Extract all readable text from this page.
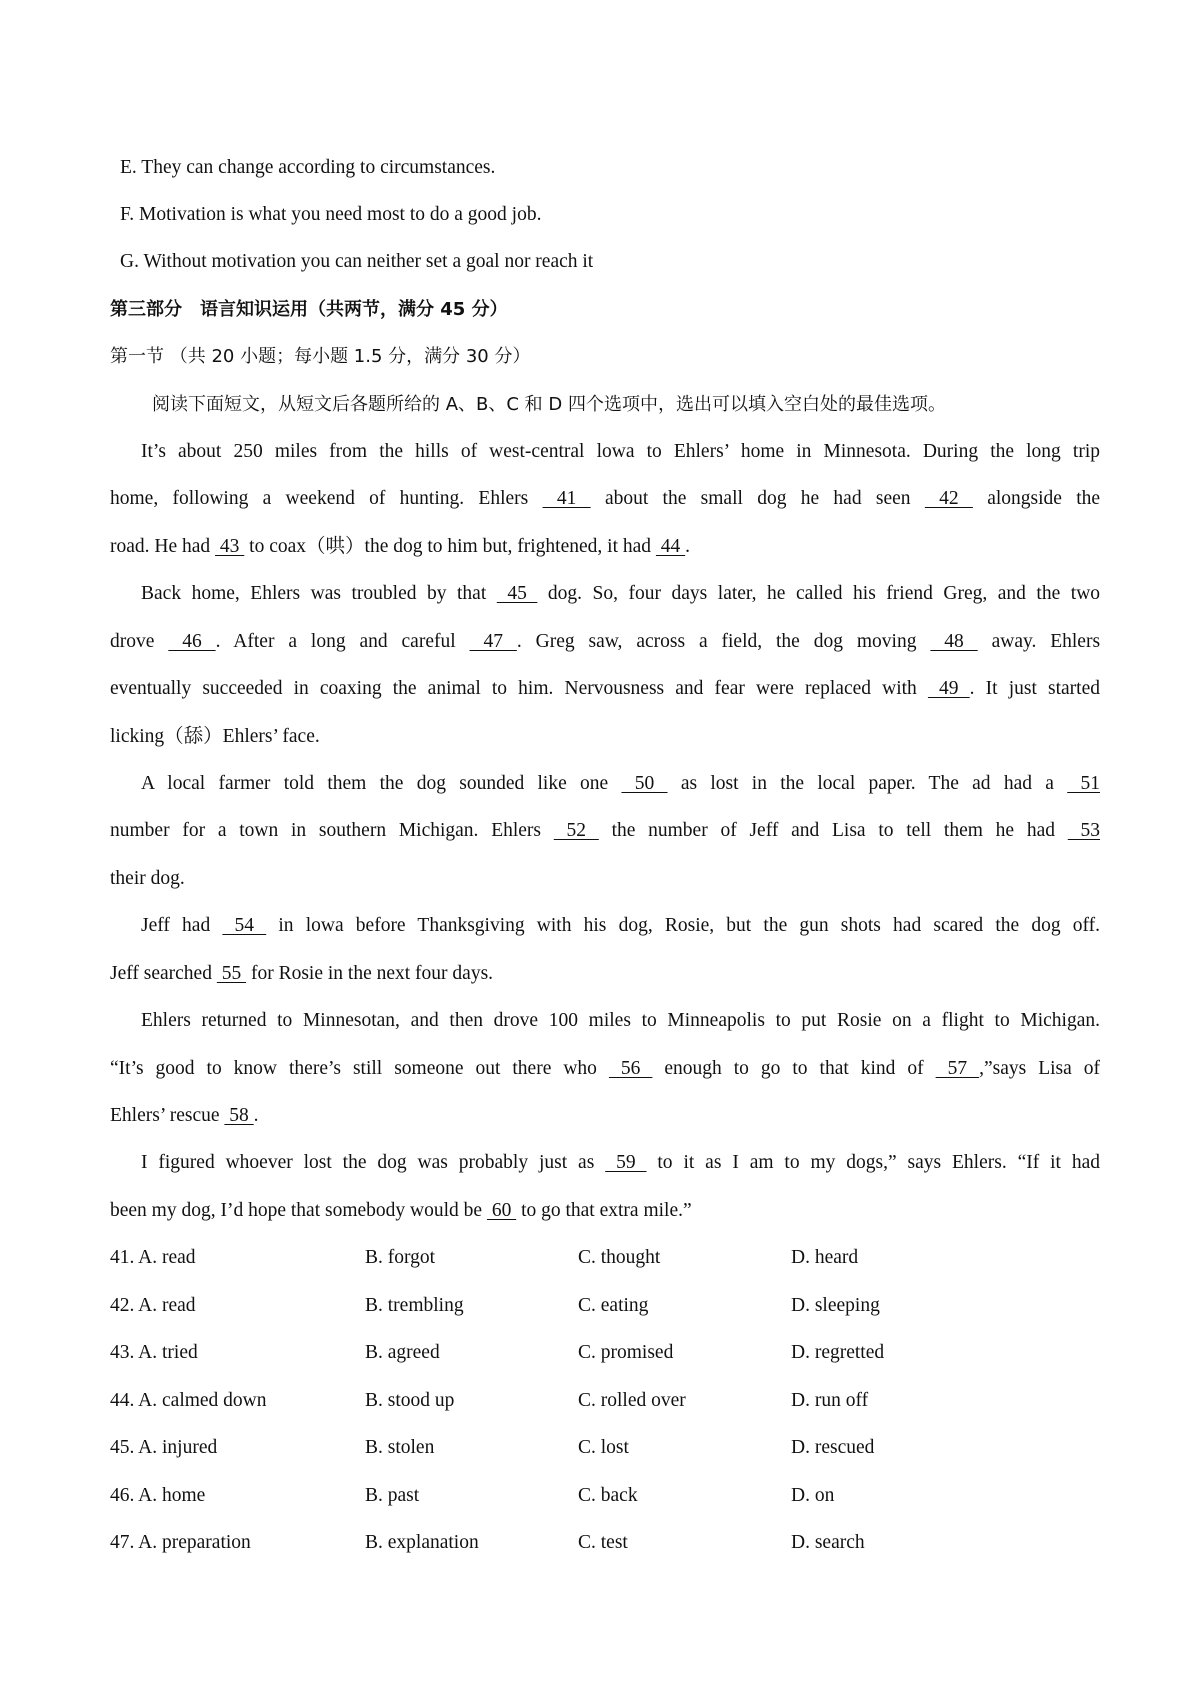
E. They can change according to circumstances.
F. Motivation is what you need most to do a good job.
G. Without motivation you can neither set a goal nor reach it
第三部分　语言知识运用（共两节，满分 45 分）
第一节 （共 20 小题；每小题 1.5 分，满分 30 分）
阅读下面短文，从短文后各题所给的 A、B、C 和 D 四个选项中，选出可以填入空白处的最佳选项。
It’s about 250 miles from the hills of west-central lowa to Ehlers’ home in Minnesota. During the long trip
home, following a weekend of hunting. Ehlers  41  about the small dog he had seen  42  alongside the
road. He had  43  to coax（哄）the dog to him but, frightened, it had  44 .
Back home, Ehlers was troubled by that  45  dog. So, four days later, he called his friend Greg, and the two
drove  46 . After a long and careful  47 . Greg saw, across a field, the dog moving  48  away. Ehlers
eventually succeeded in coaxing the animal to him. Nervousness and fear were replaced with  49 . It just started
licking（舔）Ehlers’ face.
A local farmer told them the dog sounded like one  50  as lost in the local paper. The ad had a  51
number for a town in southern Michigan. Ehlers  52  the number of Jeff and Lisa to tell them he had  53
their dog.
Jeff had  54  in lowa before Thanksgiving with his dog, Rosie, but the gun shots had scared the dog off.
Jeff searched  55  for Rosie in the next four days.
Ehlers returned to Minnesotan, and then drove 100 miles to Minneapolis to put Rosie on a flight to Michigan.
“It’s good to know there’s still someone out there who  56  enough to go to that kind of  57 ,”says Lisa of
Ehlers’ rescue  58 .
I figured whoever lost the dog was probably just as  59  to it as I am to my dogs,” says Ehlers. “If it had
been my dog, I’d hope that somebody would be  60  to go that extra mile.”
41. A. read	B. forgot	C. thought	D. heard
42. A. read	B. trembling	C. eating	D. sleeping
43. A. tried	B. agreed	C. promised	D. regretted
44. A. calmed down	B. stood up	C. rolled over	D. run off
45. A. injured	B. stolen	C. lost	D. rescued
46. A. home	B. past	C. back	D. on
47. A. preparation	B. explanation	C. test	D. search
